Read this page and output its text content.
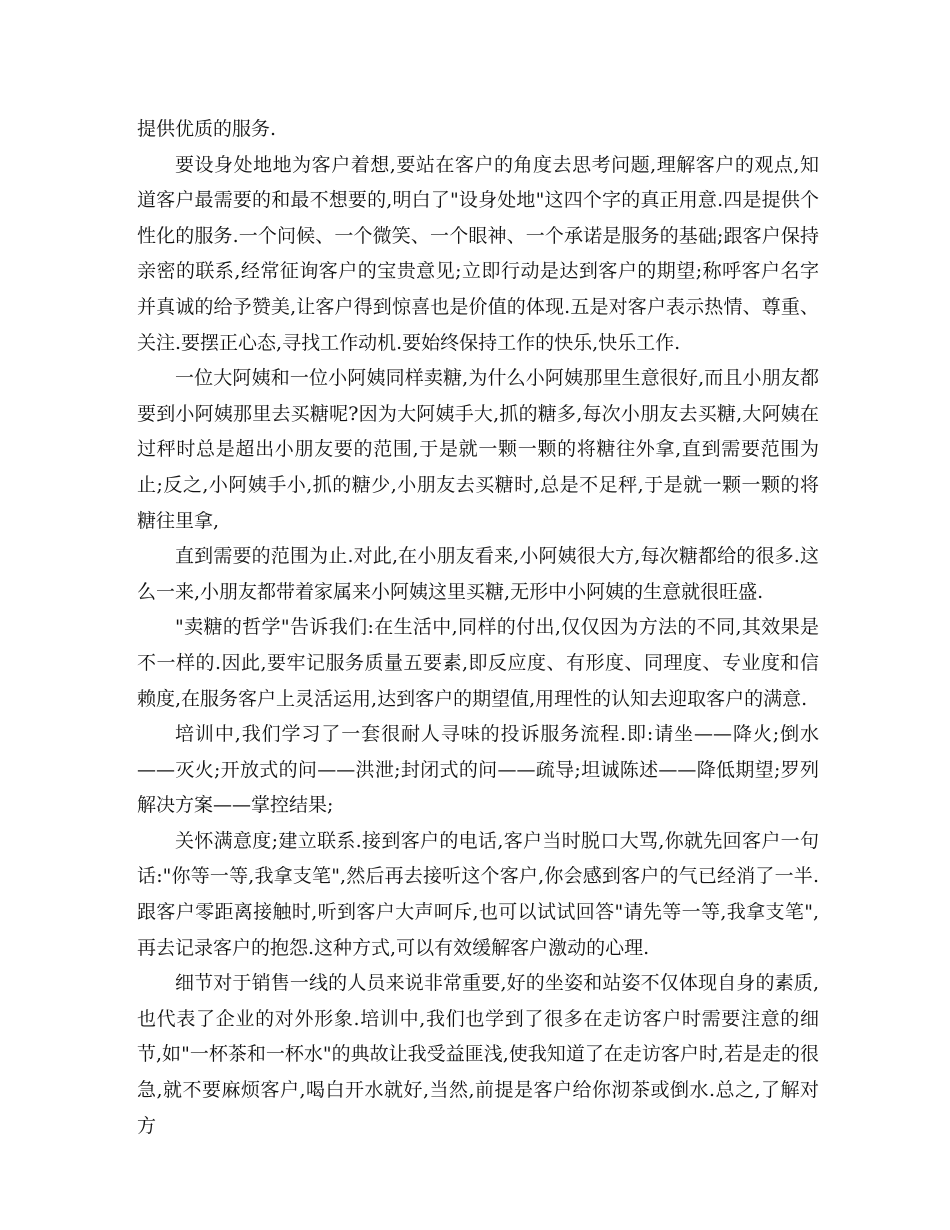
提供优质的服务.

要设身处地地为客户着想,要站在客户的角度去思考问题,理解客户的观点,知道客户最需要的和最不想要的,明白了"设身处地"这四个字的真正用意.四是提供个性化的服务.一个问候、一个微笑、一个眼神、一个承诺是服务的基础;跟客户保持亲密的联系,经常征询客户的宝贵意见;立即行动是达到客户的期望;称呼客户名字并真诚的给予赞美,让客户得到惊喜也是价值的体现.五是对客户表示热情、尊重、关注.要摆正心态,寻找工作动机.要始终保持工作的快乐,快乐工作.

一位大阿姨和一位小阿姨同样卖糖,为什么小阿姨那里生意很好,而且小朋友都要到小阿姨那里去买糖呢?因为大阿姨手大,抓的糖多,每次小朋友去买糖,大阿姨在过秤时总是超出小朋友要的范围,于是就一颗一颗的将糖往外拿,直到需要范围为止;反之,小阿姨手小,抓的糖少,小朋友去买糖时,总是不足秤,于是就一颗一颗的将糖往里拿,

直到需要的范围为止.对此,在小朋友看来,小阿姨很大方,每次糖都给的很多.这么一来,小朋友都带着家属来小阿姨这里买糖,无形中小阿姨的生意就很旺盛.

"卖糖的哲学"告诉我们:在生活中,同样的付出,仅仅因为方法的不同,其效果是不一样的.因此,要牢记服务质量五要素,即反应度、有形度、同理度、专业度和信赖度,在服务客户上灵活运用,达到客户的期望值,用理性的认知去迎取客户的满意.

培训中,我们学习了一套很耐人寻味的投诉服务流程.即:请坐——降火;倒水——灭火;开放式的问——洪泄;封闭式的问——疏导;坦诚陈述——降低期望;罗列解决方案——掌控结果;

关怀满意度;建立联系.接到客户的电话,客户当时脱口大骂,你就先回客户一句话:"你等一等,我拿支笔",然后再去接听这个客户,你会感到客户的气已经消了一半.跟客户零距离接触时,听到客户大声呵斥,也可以试试回答"请先等一等,我拿支笔",再去记录客户的抱怨.这种方式,可以有效缓解客户激动的心理.

细节对于销售一线的人员来说非常重要,好的坐姿和站姿不仅体现自身的素质,也代表了企业的对外形象.培训中,我们也学到了很多在走访客户时需要注意的细节,如"一杯茶和一杯水"的典故让我受益匪浅,使我知道了在走访客户时,若是走的很急,就不要麻烦客户,喝白开水就好,当然,前提是客户给你沏茶或倒水.总之,了解对方
